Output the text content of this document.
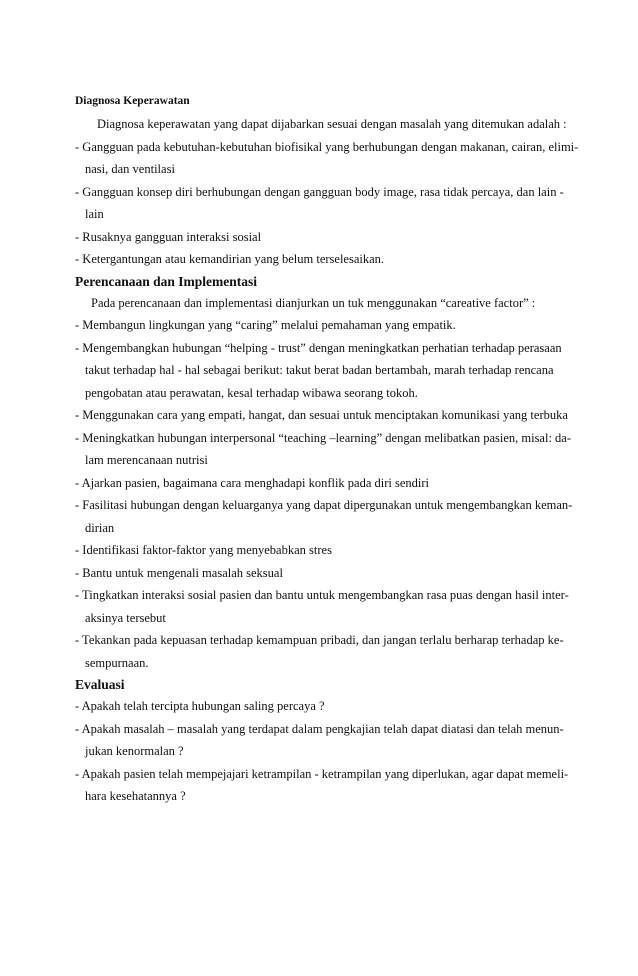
Diagnosa Keperawatan

Diagnosa keperawatan yang dapat dijabarkan sesuai dengan masalah yang ditemukan adalah :

- Gangguan pada kebutuhan-kebutuhan biofisikal yang berhubungan dengan makanan, cairan, elimi-

nasi, dan ventilasi

- Gangguan konsep diri berhubungan dengan gangguan body image, rasa tidak percaya, dan lain -

lain

- Rusaknya gangguan interaksi sosial

- Ketergantungan atau kemandirian yang belum terselesaikan.

Perencanaan dan Implementasi

Pada perencanaan dan implementasi dianjurkan un tuk menggunakan “careative factor” :

- Membangun lingkungan yang “caring” melalui pemahaman yang empatik.

- Mengembangkan hubungan “helping - trust” dengan meningkatkan perhatian terhadap perasaan

takut terhadap hal - hal sebagai berikut: takut berat badan bertambah, marah terhadap rencana

pengobatan atau perawatan, kesal terhadap wibawa seorang tokoh.

- Menggunakan cara yang empati, hangat, dan sesuai untuk menciptakan komunikasi yang terbuka

- Meningkatkan hubungan interpersonal “teaching –learning” dengan melibatkan pasien, misal: da-

lam merencanaan nutrisi

- Ajarkan pasien, bagaimana cara menghadapi konflik pada diri sendiri

- Fasilitasi hubungan dengan keluarganya yang dapat dipergunakan untuk mengembangkan keman-

dirian

- Identifikasi faktor-faktor yang menyebabkan stres

- Bantu untuk mengenali masalah seksual

- Tingkatkan interaksi sosial pasien dan bantu untuk mengembangkan rasa puas dengan hasil inter-

aksinya tersebut

- Tekankan pada kepuasan terhadap kemampuan pribadi, dan jangan terlalu berharap terhadap ke-

sempurnaan.

Evaluasi

- Apakah telah tercipta hubungan saling percaya ?

- Apakah masalah – masalah yang terdapat dalam pengkajian telah dapat diatasi dan telah menun-

jukan kenormalan ?

- Apakah pasien telah mempejajari ketrampilan - ketrampilan yang diperlukan, agar dapat memeli-

hara kesehatannya ?
